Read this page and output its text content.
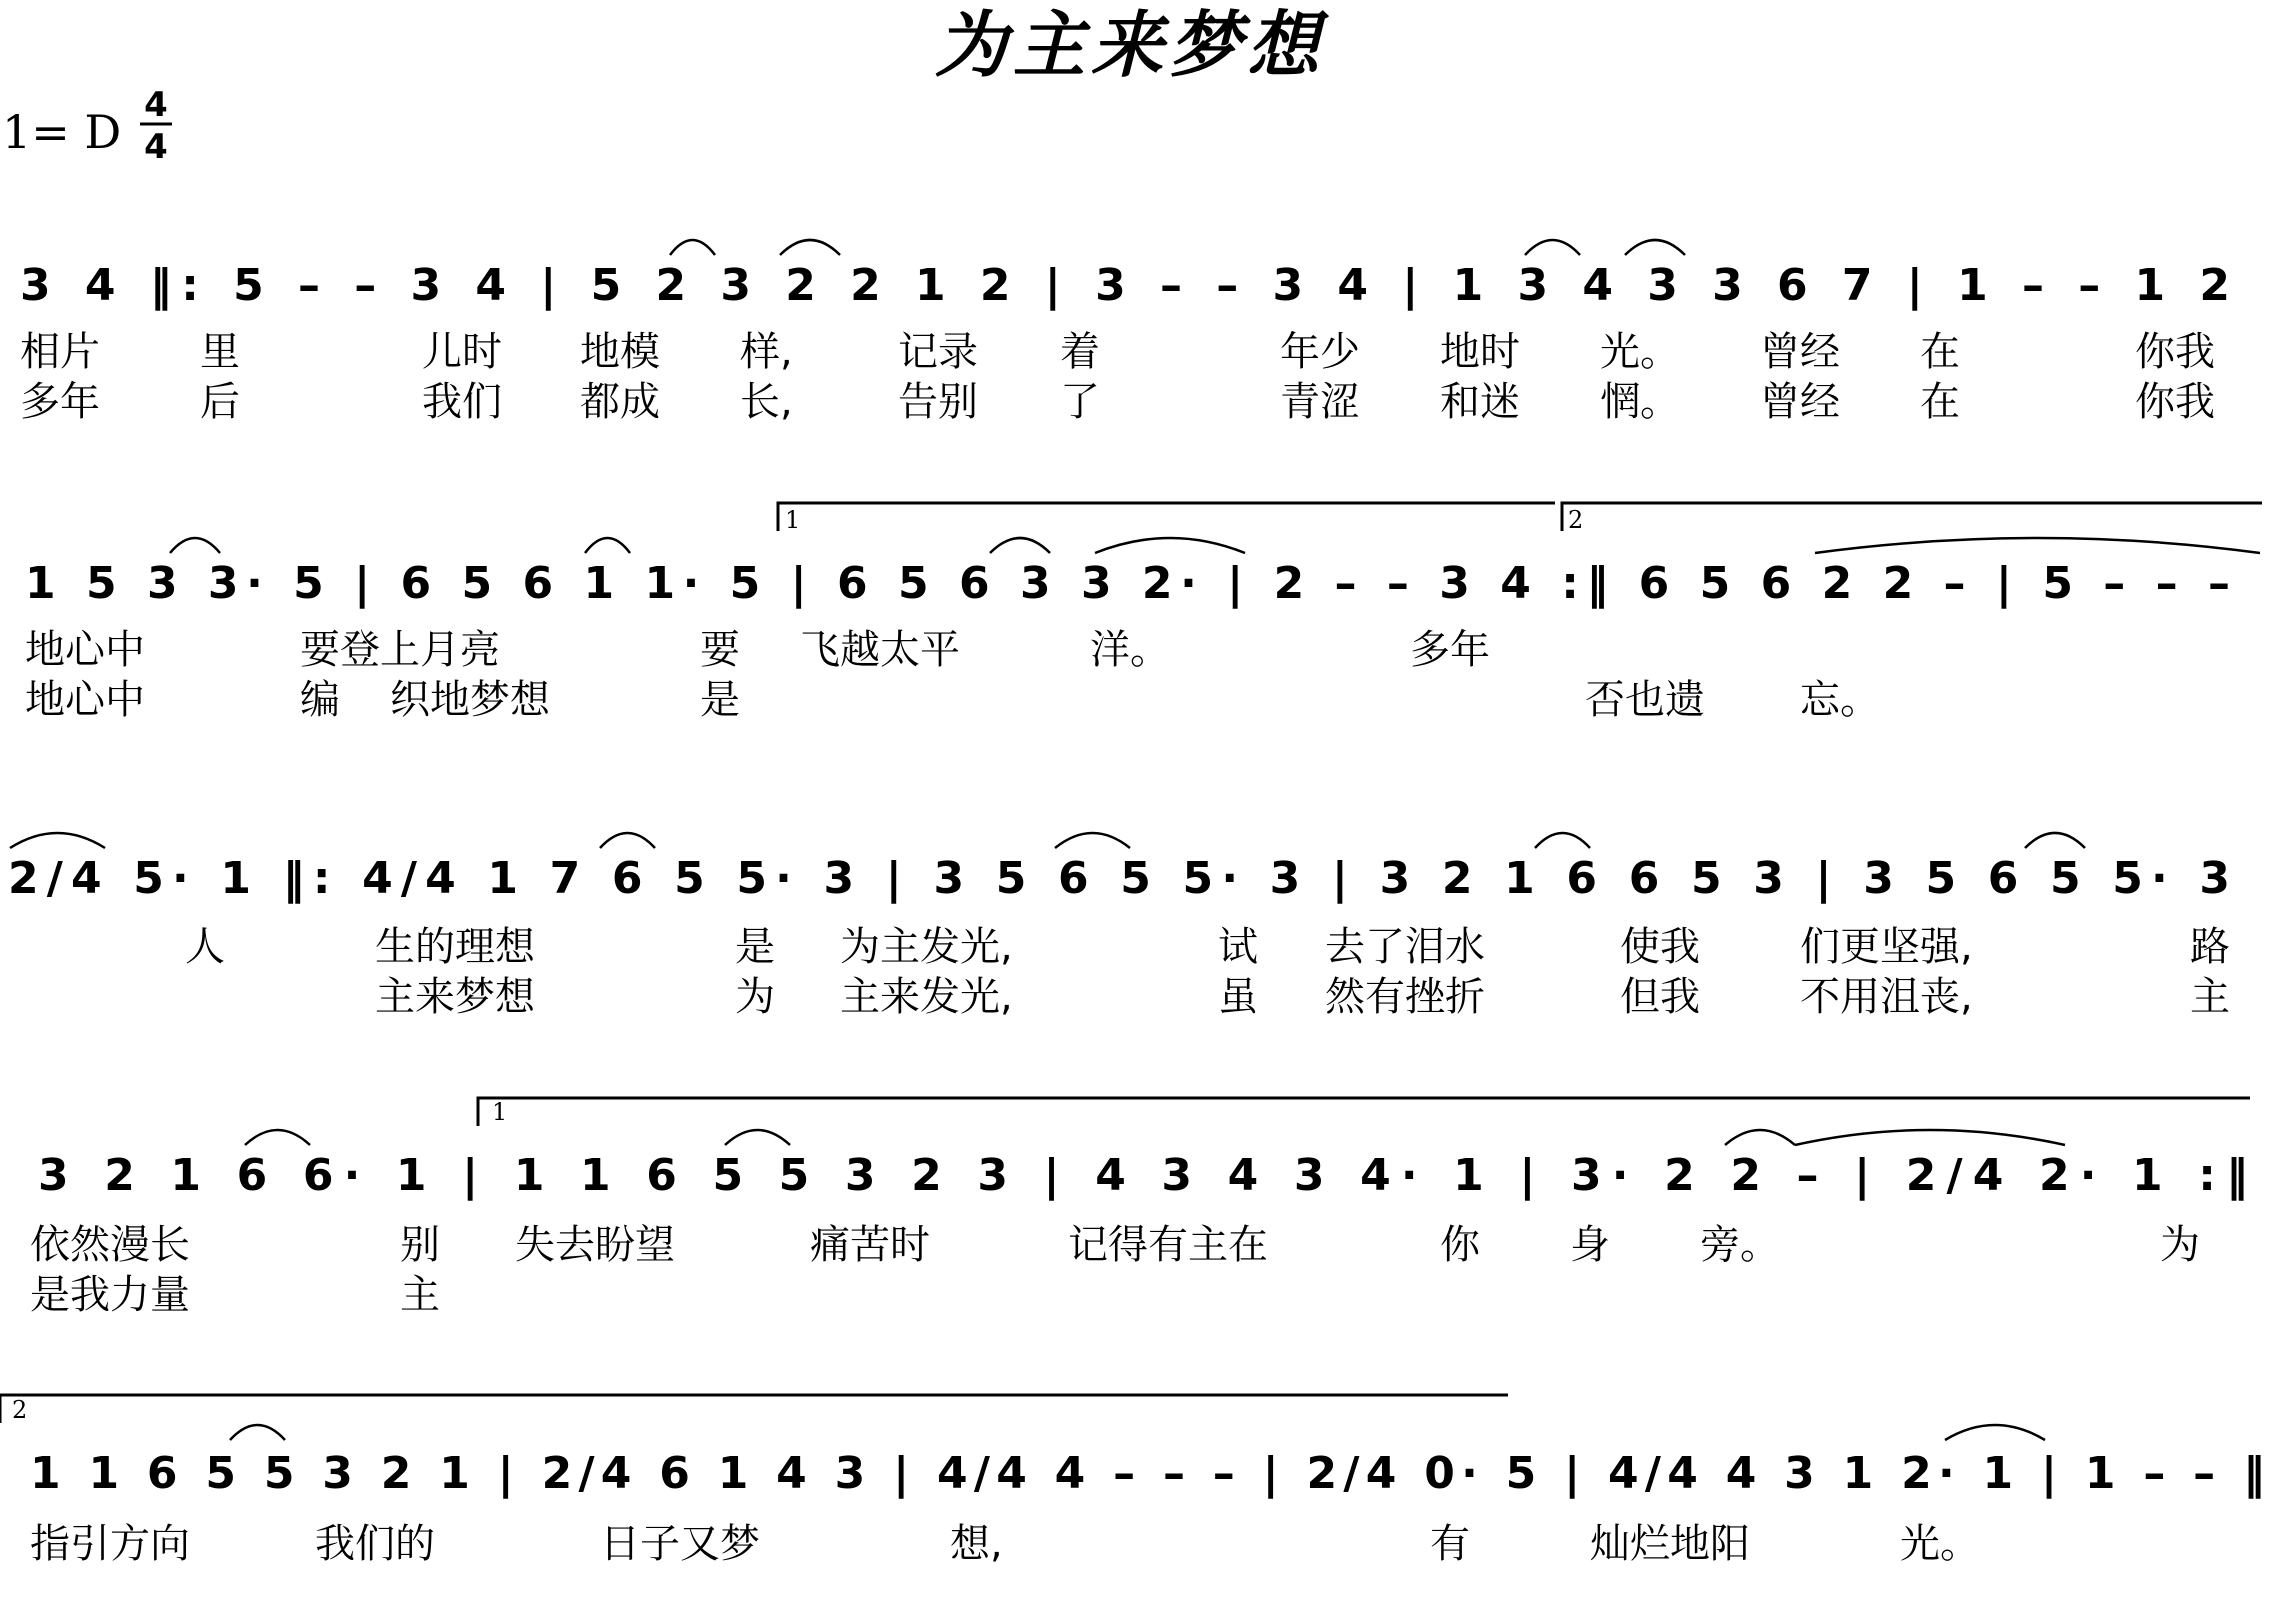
为主来梦想
1= D 4
4
3 4 ‖: 5 – – 3 4 | 5 2 3 2 2 1 2 | 3 – – 3 4 | 1 3 4 3 3 6 7 | 1 – – 1 2
相片	里	儿时 地模 样,	记录 着	年少 地时 光。 曾经 在	你我
多年	后	我们 都成 长,	告别 了	青涩 和迷 惘。 曾经 在	你我
1	2
1 5 3 3· 5 | 6 5 6 1 1· 5 | 6 5 6 3 3 2· | 2 – – 3 4 :‖ 6 5 6 2 2 – | 5 – – –
地心中	要登上月亮	要 飞越太平	洋。	多年
地心中	编 织地梦想	是	否也遗 忘。
2/4 5· 1 ‖: 4/4 1 7 6 5 5· 3 | 3 5 6 5 5· 3 | 3 2 1 6 6 5 3 | 3 5 6 5 5· 3
人	生的理想	是 为主发光,	试 去了泪水	使我	们更坚强,	路
主来梦想	为 主来发光,	虽 然有挫折	但我	不用沮丧,	主
1
3 2 1 6 6· 1 | 1 1 6 5 5 3 2 3 | 4 3 4 3 4· 1 | 3· 2 2 – | 2/4 2· 1 :‖
依然漫长	别 失去盼望	痛苦时	记得有主在	你 身 旁。	为
是我力量	主
2
1 1 6 5 5 3 2 1 | 2/4 6 1 4 3 | 4/4 4 – – – | 2/4 0· 5 | 4/4 4 3 1 2· 1 | 1 – – ‖
指引方向	我们的	日子又梦	想,	有	灿烂地阳	光。
